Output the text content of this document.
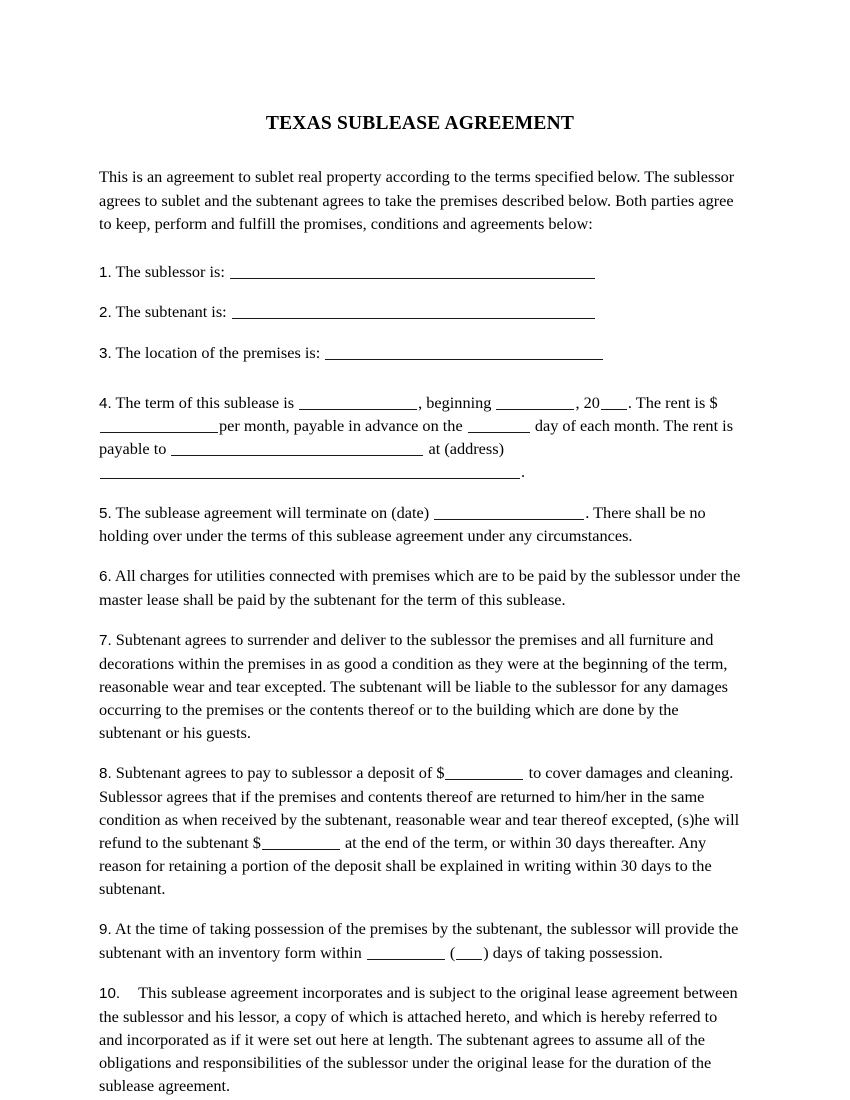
TEXAS SUBLEASE AGREEMENT

This is an agreement to sublet real property according to the terms specified below. The sublessor agrees to sublet and the subtenant agrees to take the premises described below. Both parties agree to keep, perform and fulfill the promises, conditions and agreements below:

1. The sublessor is:

2. The subtenant is:

3. The location of the premises is:

4. The term of this sublease is	, beginning	, 20 . The rent is $per month, payable in advance on the	day of each month. The rent is payable to	at (address)
.

5. The sublease agreement will terminate on (date)	. There shall be no holding over under the terms of this sublease agreement under any circumstances.

6. All charges for utilities connected with premises which are to be paid by the sublessor under the master lease shall be paid by the subtenant for the term of this sublease.

7. Subtenant agrees to surrender and deliver to the sublessor the premises and all furniture and decorations within the premises in as good a condition as they were at the beginning of the term, reasonable wear and tear excepted. The subtenant will be liable to the sublessor for any damages occurring to the premises or the contents thereof or to the building which are done by the subtenant or his guests.

8. Subtenant agrees to pay to sublessor a deposit of $	to cover damages and cleaning. Sublessor agrees that if the premises and contents thereof are returned to him/her in the same condition as when received by the subtenant, reasonable wear and tear thereof excepted, (s)he will refund to the subtenant $	at the end of the term, or within 30 days thereafter. Any reason for retaining a portion of the deposit shall be explained in writing within 30 days to the subtenant.

9. At the time of taking possession of the premises by the subtenant, the sublessor will provide the subtenant with an inventory form within	( ) days of taking possession.

10. This sublease agreement incorporates and is subject to the original lease agreement between the sublessor and his lessor, a copy of which is attached hereto, and which is hereby referred to and incorporated as if it were set out here at length. The subtenant agrees to assume all of the obligations and responsibilities of the sublessor under the original lease for the duration of the sublease agreement.
